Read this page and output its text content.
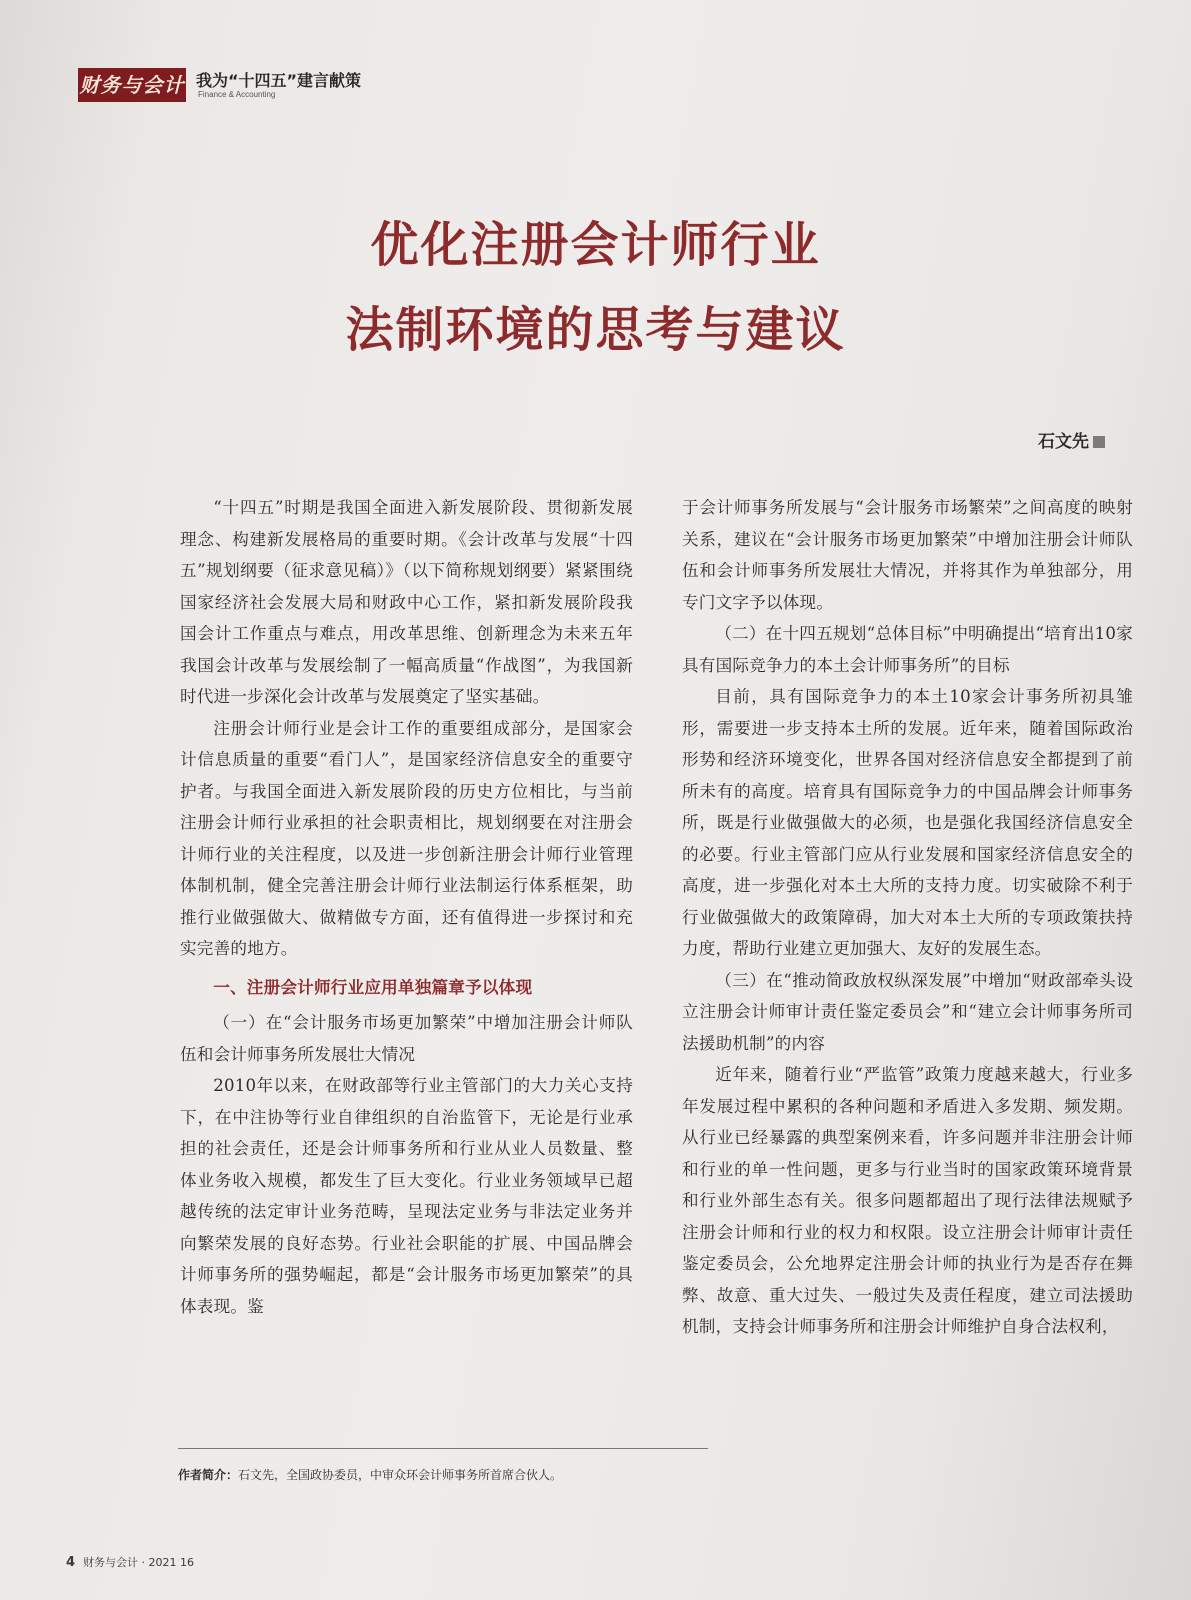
财务与会计 我为“十四五”建言献策
Finance & Accounting
优化注册会计师行业
法制环境的思考与建议
石文先

“十四五”时期是我国全面进入新发展阶段、贯彻新发展理念、构建新发展格局的重要时期。《会计改革与发展“十四五”规划纲要（征求意见稿）》（以下简称规划纲要）紧紧围绕国家经济社会发展大局和财政中心工作，紧扣新发展阶段我国会计工作重点与难点，用改革思维、创新理念为未来五年我国会计改革与发展绘制了一幅高质量“作战图”，为我国新时代进一步深化会计改革与发展奠定了坚实基础。

注册会计师行业是会计工作的重要组成部分，是国家会计信息质量的重要“看门人”，是国家经济信息安全的重要守护者。与我国全面进入新发展阶段的历史方位相比，与当前注册会计师行业承担的社会职责相比，规划纲要在对注册会计师行业的关注程度，以及进一步创新注册会计师行业管理体制机制，健全完善注册会计师行业法制运行体系框架，助推行业做强做大、做精做专方面，还有值得进一步探讨和充实完善的地方。

一、注册会计师行业应用单独篇章予以体现
（一）在“会计服务市场更加繁荣”中增加注册会计师队伍和会计师事务所发展壮大情况

2010年以来，在财政部等行业主管部门的大力关心支持下，在中注协等行业自律组织的自治监管下，无论是行业承担的社会责任，还是会计师事务所和行业从业人员数量、整体业务收入规模，都发生了巨大变化。行业业务领域早已超越传统的法定审计业务范畴，呈现法定业务与非法定业务并向繁荣发展的良好态势。行业社会职能的扩展、中国品牌会计师事务所的强势崛起，都是“会计服务市场更加繁荣”的具体表现。鉴

于会计师事务所发展与“会计服务市场繁荣”之间高度的映射关系，建议在“会计服务市场更加繁荣”中增加注册会计师队伍和会计师事务所发展壮大情况，并将其作为单独部分，用专门文字予以体现。

（二）在十四五规划“总体目标”中明确提出“培育出10家具有国际竞争力的本土会计师事务所”的目标

目前，具有国际竞争力的本土10家会计事务所初具雏形，需要进一步支持本土所的发展。近年来，随着国际政治形势和经济环境变化，世界各国对经济信息安全都提到了前所未有的高度。培育具有国际竞争力的中国品牌会计师事务所，既是行业做强做大的必须，也是强化我国经济信息安全的必要。行业主管部门应从行业发展和国家经济信息安全的高度，进一步强化对本土大所的支持力度。切实破除不利于行业做强做大的政策障碍，加大对本土大所的专项政策扶持力度，帮助行业建立更加强大、友好的发展生态。

（三）在“推动简政放权纵深发展”中增加“财政部牵头设立注册会计师审计责任鉴定委员会”和“建立会计师事务所司法援助机制”的内容

近年来，随着行业“严监管”政策力度越来越大，行业多年发展过程中累积的各种问题和矛盾进入多发期、频发期。从行业已经暴露的典型案例来看，许多问题并非注册会计师和行业的单一性问题，更多与行业当时的国家政策环境背景和行业外部生态有关。很多问题都超出了现行法律法规赋予注册会计师和行业的权力和权限。设立注册会计师审计责任鉴定委员会，公允地界定注册会计师的执业行为是否存在舞弊、故意、重大过失、一般过失及责任程度，建立司法援助机制，支持会计师事务所和注册会计师维护自身合法权利，

作者简介：石文先，全国政协委员，中审众环会计师事务所首席合伙人。
4 财务与会计 · 2021 16
